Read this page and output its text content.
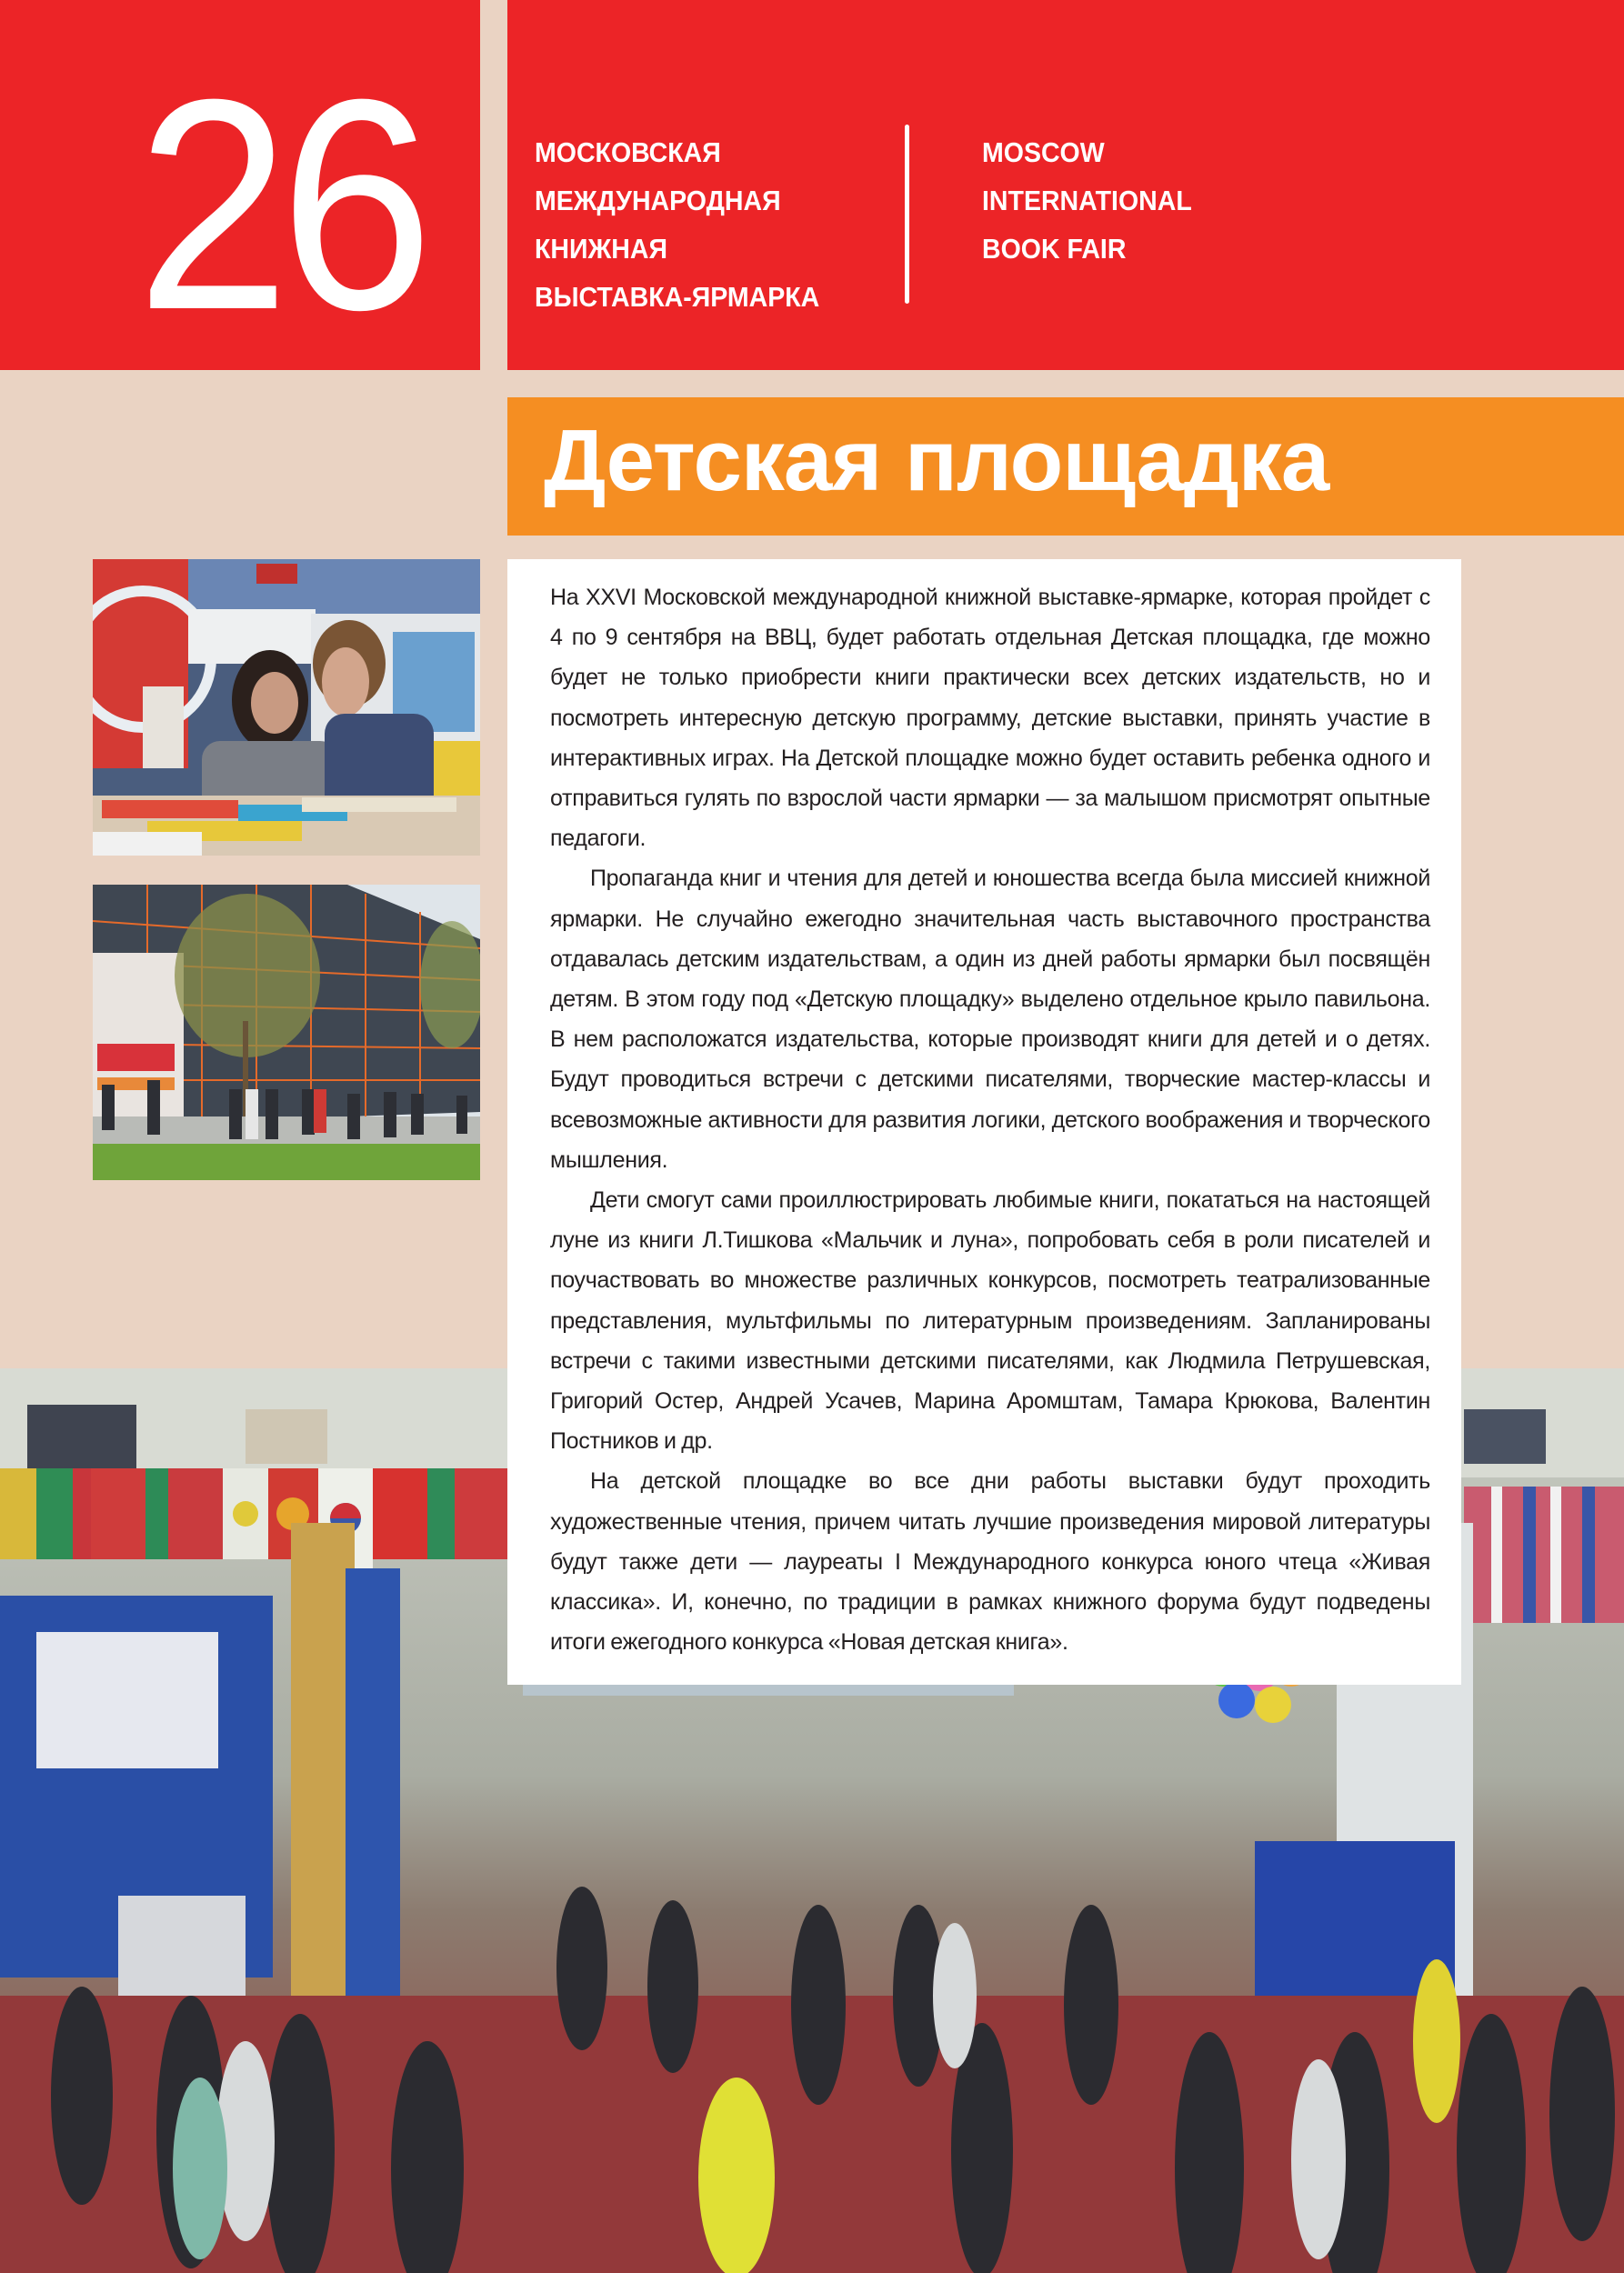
26	МОСКОВСКАЯ
МЕЖДУНАРОДНАЯ
КНИЖНАЯ
ВЫСТАВКА-ЯРМАРКА
MOSCOW
INTERNATIONAL
BOOK FAIR
Детская площадка

На XXVI Московской международной книжной выставке-ярмарке, которая пройдет с 4 по 9 сентября на ВВЦ, будет работать отдельная Детская площадка, где можно будет не только приобрести книги практически всех детских издательств, но и посмотреть интересную детскую программу, детские выставки, принять участие в интерактивных играх. На Детской площадке можно будет оставить ребенка одного и отправиться гулять по взрослой части ярмарки — за малышом присмотрят опытные педагоги.

Пропаганда книг и чтения для детей и юношества всегда была миссией книжной ярмарки. Не случайно ежегодно значительная часть выставочного пространства отдавалась детским издательствам, а один из дней работы ярмарки был посвящён детям. В этом году под «Детскую площадку» выделено отдельное крыло павильона. В нем расположатся издательства, которые производят книги для детей и о детях. Будут проводиться встречи с детскими писателями, творческие мастер-классы и всевозможные активности для развития логики, детского воображения и творческого мышления.

Дети смогут сами проиллюстрировать любимые книги, покататься на настоящей луне из книги Л.Тишкова «Мальчик и луна», попробовать себя в роли писателей и поучаствовать во множестве различных конкурсов, посмотреть театрализованные представления, мультфильмы по литературным произведениям. Запланированы встречи с такими известными детскими писателями, как Людмила Петрушевская, Григорий Остер, Андрей Усачев, Марина Аромштам, Тамара Крюкова, Валентин Постников и др.

На детской площадке во все дни работы выставки будут проходить художественные чтения, причем читать лучшие произведения мировой литературы будут также дети — лауреаты I Международного конкурса юного чтеца «Живая классика». И, конечно, по традиции в рамках книжного форума будут подведены итоги ежегодного конкурса «Новая детская книга».
